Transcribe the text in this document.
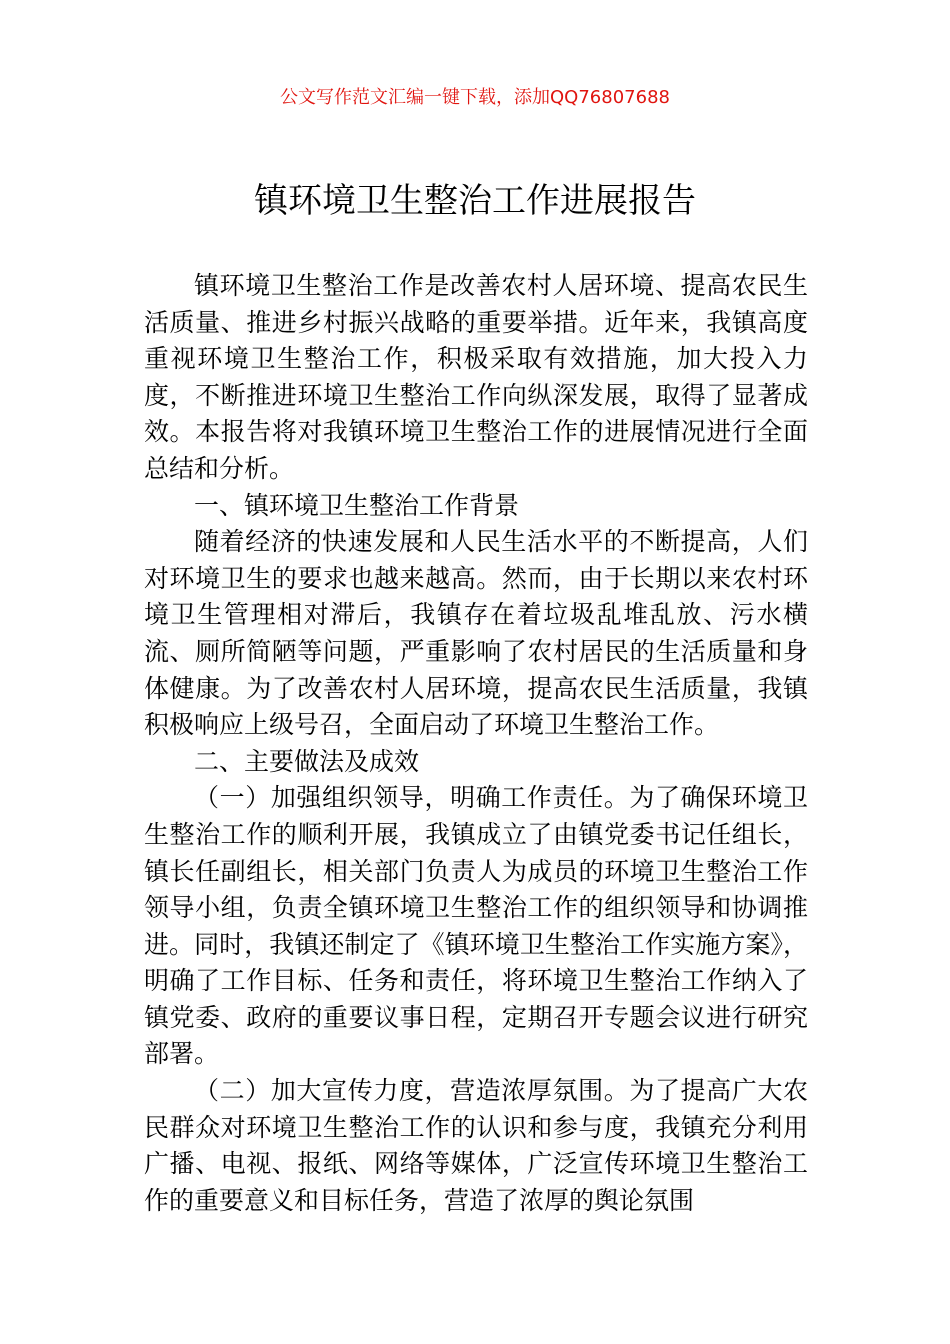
公文写作范文汇编一键下载，添加QQ76807688
镇环境卫生整治工作进展报告

镇环境卫生整治工作是改善农村人居环境、提高农民生活质量、推进乡村振兴战略的重要举措。近年来，我镇高度重视环境卫生整治工作，积极采取有效措施，加大投入力度，不断推进环境卫生整治工作向纵深发展，取得了显著成效。本报告将对我镇环境卫生整治工作的进展情况进行全面总结和分析。

一、镇环境卫生整治工作背景

随着经济的快速发展和人民生活水平的不断提高，人们对环境卫生的要求也越来越高。然而，由于长期以来农村环境卫生管理相对滞后，我镇存在着垃圾乱堆乱放、污水横流、厕所简陋等问题，严重影响了农村居民的生活质量和身体健康。为了改善农村人居环境，提高农民生活质量，我镇积极响应上级号召，全面启动了环境卫生整治工作。

二、主要做法及成效

（一）加强组织领导，明确工作责任。为了确保环境卫生整治工作的顺利开展，我镇成立了由镇党委书记任组长，镇长任副组长，相关部门负责人为成员的环境卫生整治工作领导小组，负责全镇环境卫生整治工作的组织领导和协调推进。同时，我镇还制定了《镇环境卫生整治工作实施方案》，明确了工作目标、任务和责任，将环境卫生整治工作纳入了镇党委、政府的重要议事日程，定期召开专题会议进行研究部署。

（二）加大宣传力度，营造浓厚氛围。为了提高广大农民群众对环境卫生整治工作的认识和参与度，我镇充分利用广播、电视、报纸、网络等媒体，广泛宣传环境卫生整治工作的重要意义和目标任务，营造了浓厚的舆论氛围
